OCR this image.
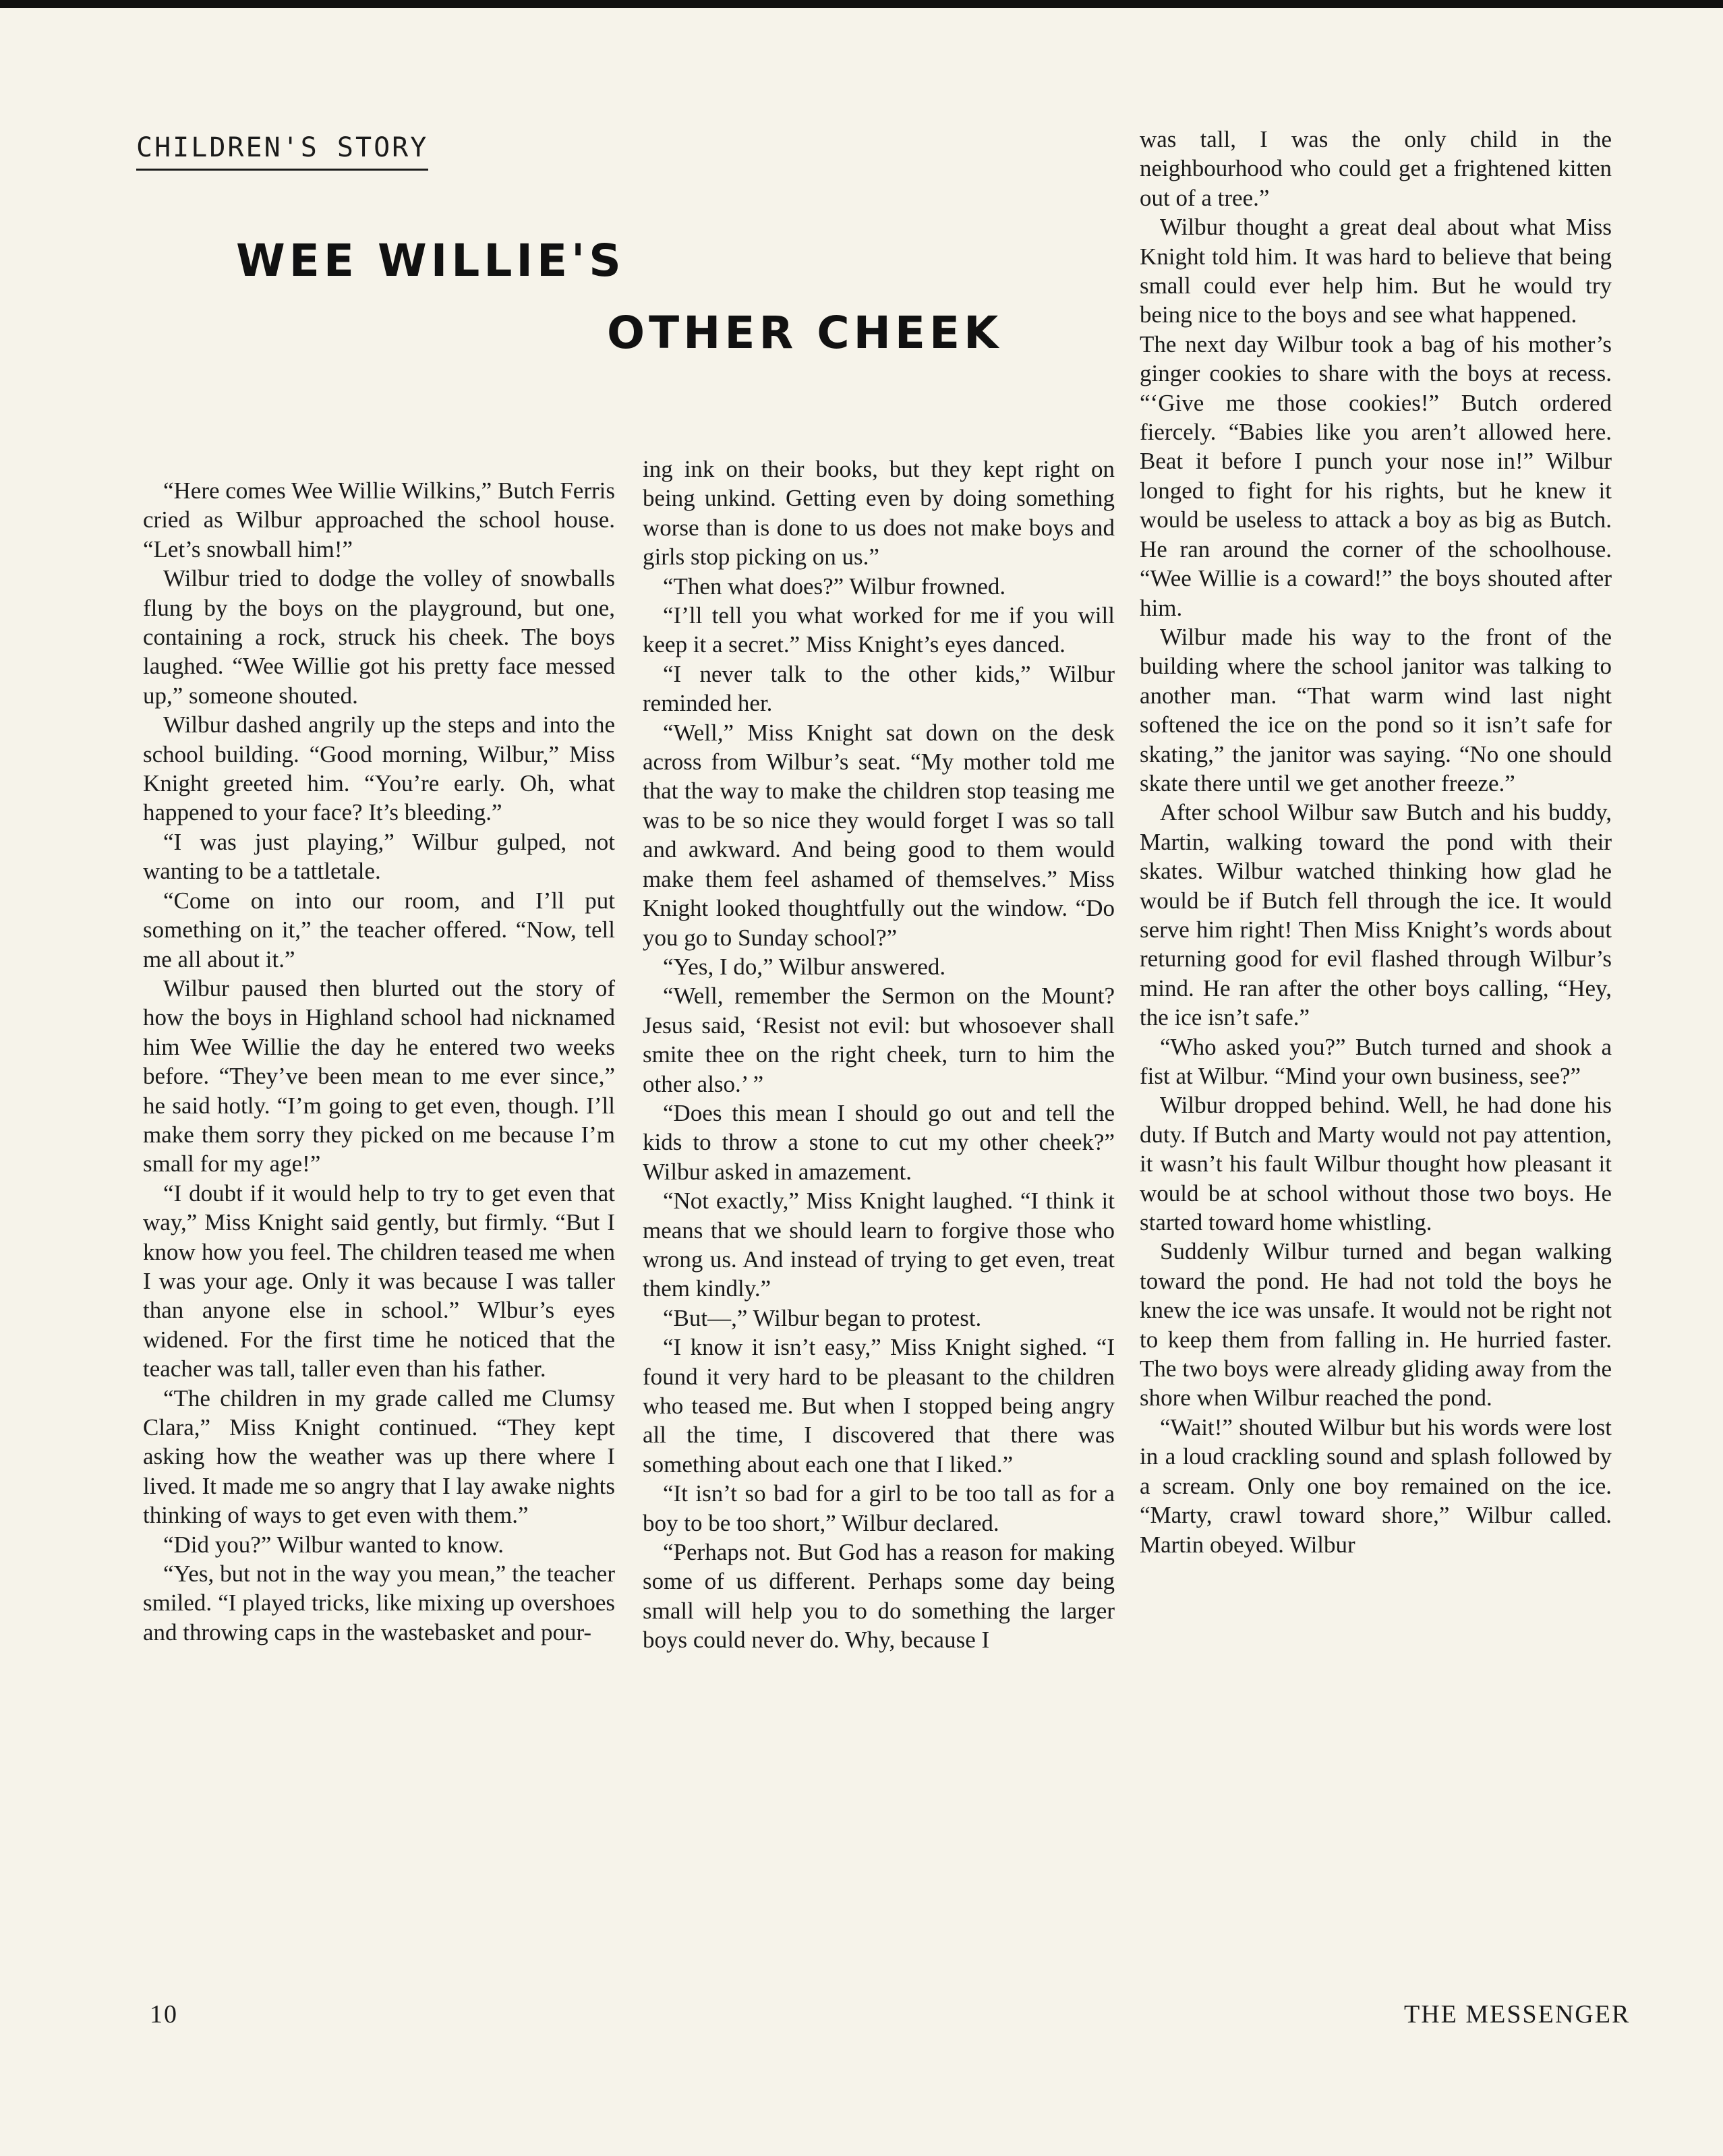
CHILDREN'S STORY
WEE WILLIE'S
OTHER CHEEK

“Here comes Wee Willie Wilkins,” Butch Ferris cried as Wilbur approached the school house. “Let’s snowball him!”

Wilbur tried to dodge the volley of snowballs flung by the boys on the playground, but one, containing a rock, struck his cheek. The boys laughed. “Wee Willie got his pretty face messed up,” someone shouted.

Wilbur dashed angrily up the steps and into the school building. “Good morning, Wilbur,” Miss Knight greeted him. “You’re early. Oh, what happened to your face? It’s bleeding.”

“I was just playing,” Wilbur gulped, not wanting to be a tattletale.

“Come on into our room, and I’ll put something on it,” the teacher offered. “Now, tell me all about it.”

Wilbur paused then blurted out the story of how the boys in Highland school had nicknamed him Wee Willie the day he entered two weeks before. “They’ve been mean to me ever since,” he said hotly. “I’m going to get even, though. I’ll make them sorry they picked on me because I’m small for my age!”

“I doubt if it would help to try to get even that way,” Miss Knight said gently, but firmly. “But I know how you feel. The children teased me when I was your age. Only it was because I was taller than anyone else in school.” Wlbur’s eyes widened. For the first time he noticed that the teacher was tall, taller even than his father.

“The children in my grade called me Clumsy Clara,” Miss Knight continued. “They kept asking how the weather was up there where I lived. It made me so angry that I lay awake nights thinking of ways to get even with them.”

“Did you?” Wilbur wanted to know.

“Yes, but not in the way you mean,” the teacher smiled. “I played tricks, like mixing up overshoes and throwing caps in the wastebasket and pour-

ing ink on their books, but they kept right on being unkind. Getting even by doing something worse than is done to us does not make boys and girls stop picking on us.”

“Then what does?” Wilbur frowned.

“I’ll tell you what worked for me if you will keep it a secret.” Miss Knight’s eyes danced.

“I never talk to the other kids,” Wilbur reminded her.

“Well,” Miss Knight sat down on the desk across from Wilbur’s seat. “My mother told me that the way to make the children stop teasing me was to be so nice they would forget I was so tall and awkward. And being good to them would make them feel ashamed of themselves.” Miss Knight looked thoughtfully out the window. “Do you go to Sunday school?”

“Yes, I do,” Wilbur answered.

“Well, remember the Sermon on the Mount? Jesus said, ‘Resist not evil: but whosoever shall smite thee on the right cheek, turn to him the other also.’ ”

“Does this mean I should go out and tell the kids to throw a stone to cut my other cheek?” Wilbur asked in amazement.

“Not exactly,” Miss Knight laughed. “I think it means that we should learn to forgive those who wrong us. And instead of trying to get even, treat them kindly.”

“But—,” Wilbur began to protest.

“I know it isn’t easy,” Miss Knight sighed. “I found it very hard to be pleasant to the children who teased me. But when I stopped being angry all the time, I discovered that there was something about each one that I liked.”

“It isn’t so bad for a girl to be too tall as for a boy to be too short,” Wilbur declared.

“Perhaps not. But God has a reason for making some of us different. Perhaps some day being small will help you to do something the larger boys could never do. Why, because I

was tall, I was the only child in the neighbourhood who could get a frightened kitten out of a tree.”

Wilbur thought a great deal about what Miss Knight told him. It was hard to believe that being small could ever help him. But he would try being nice to the boys and see what happened.

The next day Wilbur took a bag of his mother’s ginger cookies to share with the boys at recess. “‘Give me those cookies!” Butch ordered fiercely. “Babies like you aren’t allowed here. Beat it before I punch your nose in!” Wilbur longed to fight for his rights, but he knew it would be useless to attack a boy as big as Butch. He ran around the corner of the schoolhouse. “Wee Willie is a coward!” the boys shouted after him.

Wilbur made his way to the front of the building where the school janitor was talking to another man. “That warm wind last night softened the ice on the pond so it isn’t safe for skating,” the janitor was saying. “No one should skate there until we get another freeze.”

After school Wilbur saw Butch and his buddy, Martin, walking toward the pond with their skates. Wilbur watched thinking how glad he would be if Butch fell through the ice. It would serve him right! Then Miss Knight’s words about returning good for evil flashed through Wilbur’s mind. He ran after the other boys calling, “Hey, the ice isn’t safe.”

“Who asked you?” Butch turned and shook a fist at Wilbur. “Mind your own business, see?”

Wilbur dropped behind. Well, he had done his duty. If Butch and Marty would not pay attention, it wasn’t his fault Wilbur thought how pleasant it would be at school without those two boys. He started toward home whistling.

Suddenly Wilbur turned and began walking toward the pond. He had not told the boys he knew the ice was unsafe. It would not be right not to keep them from falling in. He hurried faster. The two boys were already gliding away from the shore when Wilbur reached the pond.

“Wait!” shouted Wilbur but his words were lost in a loud crackling sound and splash followed by a scream. Only one boy remained on the ice. “Marty, crawl toward shore,” Wilbur called. Martin obeyed. Wilbur

10	THE MESSENGER
